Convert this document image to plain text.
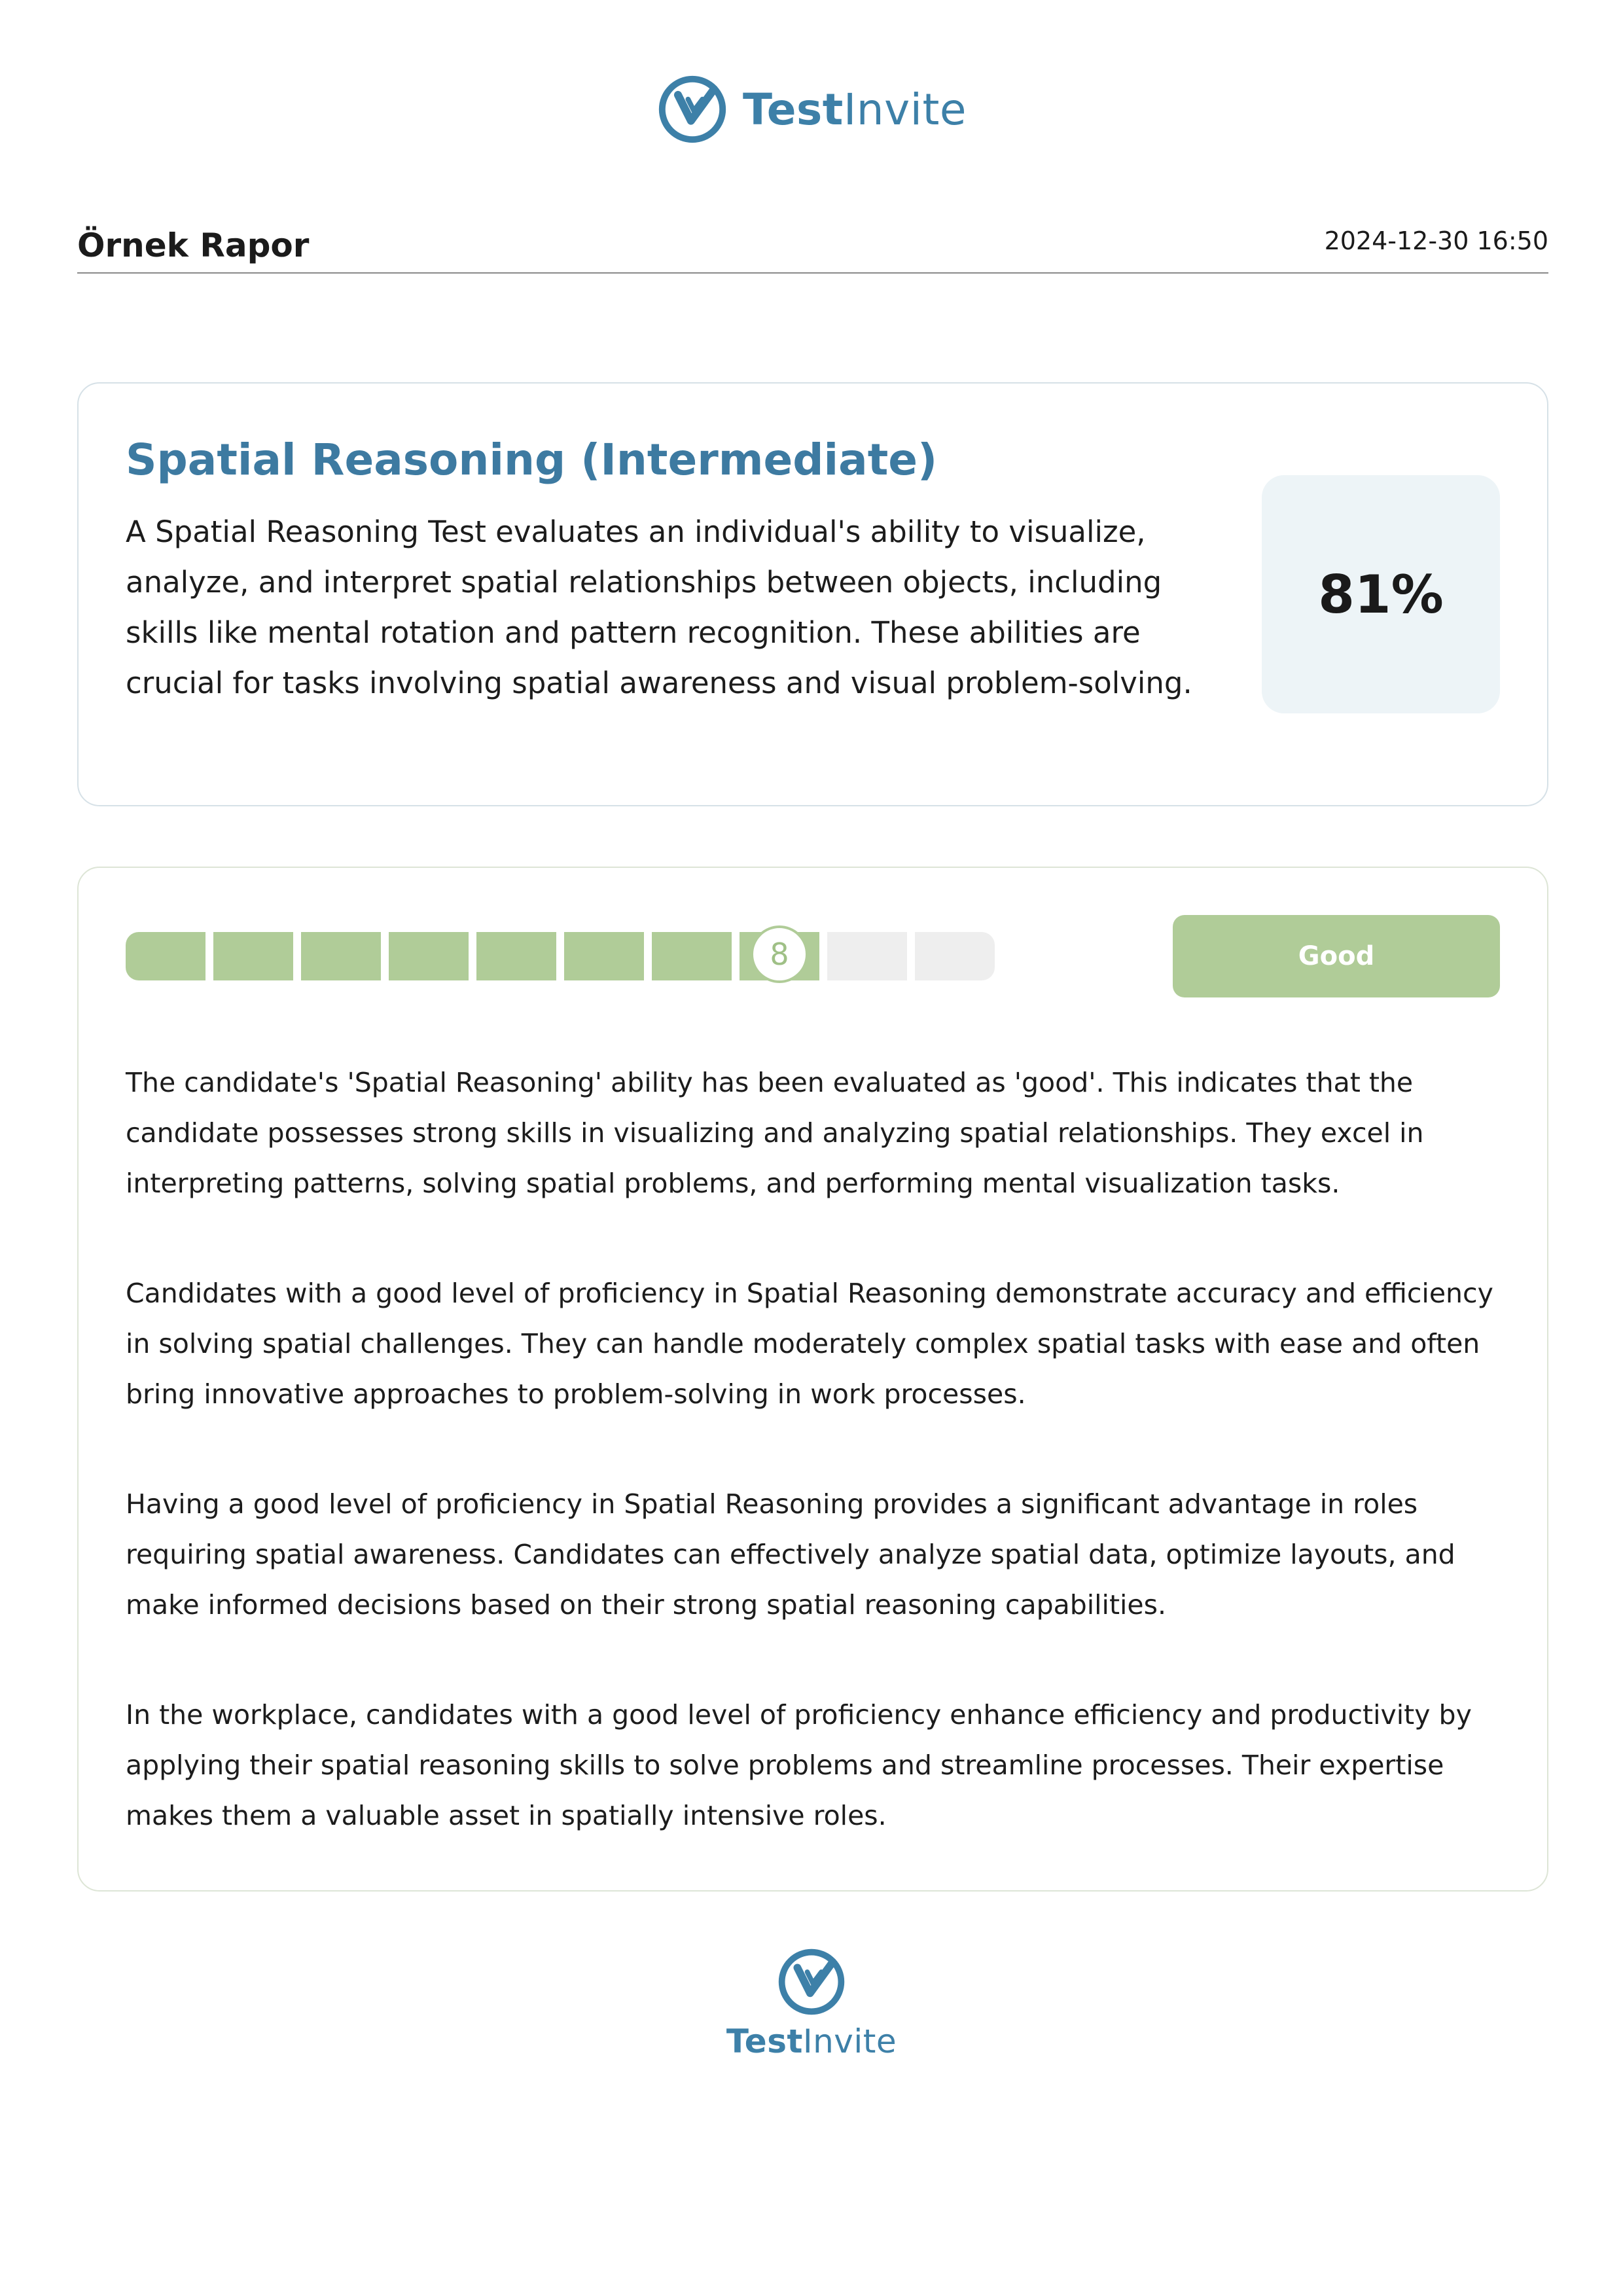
TestInvite
Örnek Rapor	2024-12-30 16:50
Spatial Reasoning (Intermediate)

A Spatial Reasoning Test evaluates an individual's ability to visualize, analyze, and interpret spatial relationships between objects, including skills like mental rotation and pattern recognition. These abilities are crucial for tasks involving spatial awareness and visual problem-solving.

81%
8	Good

The candidate's 'Spatial Reasoning' ability has been evaluated as 'good'. This indicates that the candidate possesses strong skills in visualizing and analyzing spatial relationships. They excel in interpreting patterns, solving spatial problems, and performing mental visualization tasks.

Candidates with a good level of proficiency in Spatial Reasoning demonstrate accuracy and efficiency in solving spatial challenges. They can handle moderately complex spatial tasks with ease and often bring innovative approaches to problem-solving in work processes.

Having a good level of proficiency in Spatial Reasoning provides a significant advantage in roles requiring spatial awareness. Candidates can effectively analyze spatial data, optimize layouts, and make informed decisions based on their strong spatial reasoning capabilities.

In the workplace, candidates with a good level of proficiency enhance efficiency and productivity by applying their spatial reasoning skills to solve problems and streamline processes. Their expertise makes them a valuable asset in spatially intensive roles.

TestInvite
